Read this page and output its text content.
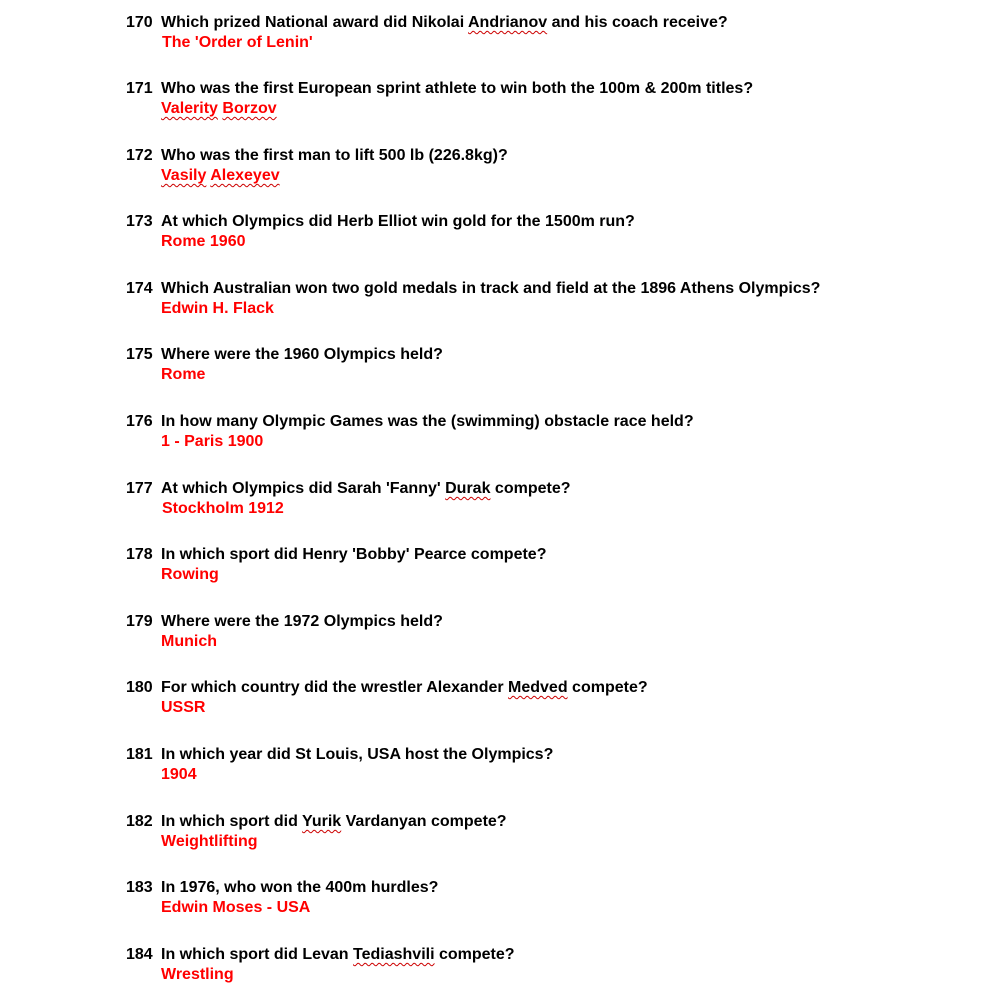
170 Which prized National award did Nikolai Andrianov and his coach receive?
The 'Order of Lenin'
171 Who was the first European sprint athlete to win both the 100m & 200m titles?
Valerity Borzov
172 Who was the first man to lift 500 lb (226.8kg)?
Vasily Alexeyev
173 At which Olympics did Herb Elliot win gold for the 1500m run?
Rome 1960
174 Which Australian won two gold medals in track and field at the 1896 Athens Olympics?
Edwin H. Flack
175 Where were the 1960 Olympics held?
Rome
176 In how many Olympic Games was the (swimming) obstacle race held?
1 - Paris 1900
177 At which Olympics did Sarah 'Fanny' Durak compete?
Stockholm 1912
178 In which sport did Henry 'Bobby' Pearce compete?
Rowing
179 Where were the 1972 Olympics held?
Munich
180 For which country did the wrestler Alexander Medved compete?
USSR
181 In which year did St Louis, USA host the Olympics?
1904
182 In which sport did Yurik Vardanyan compete?
Weightlifting
183 In 1976, who won the 400m hurdles?
Edwin Moses - USA
184 In which sport did Levan Tediashvili compete?
Wrestling
